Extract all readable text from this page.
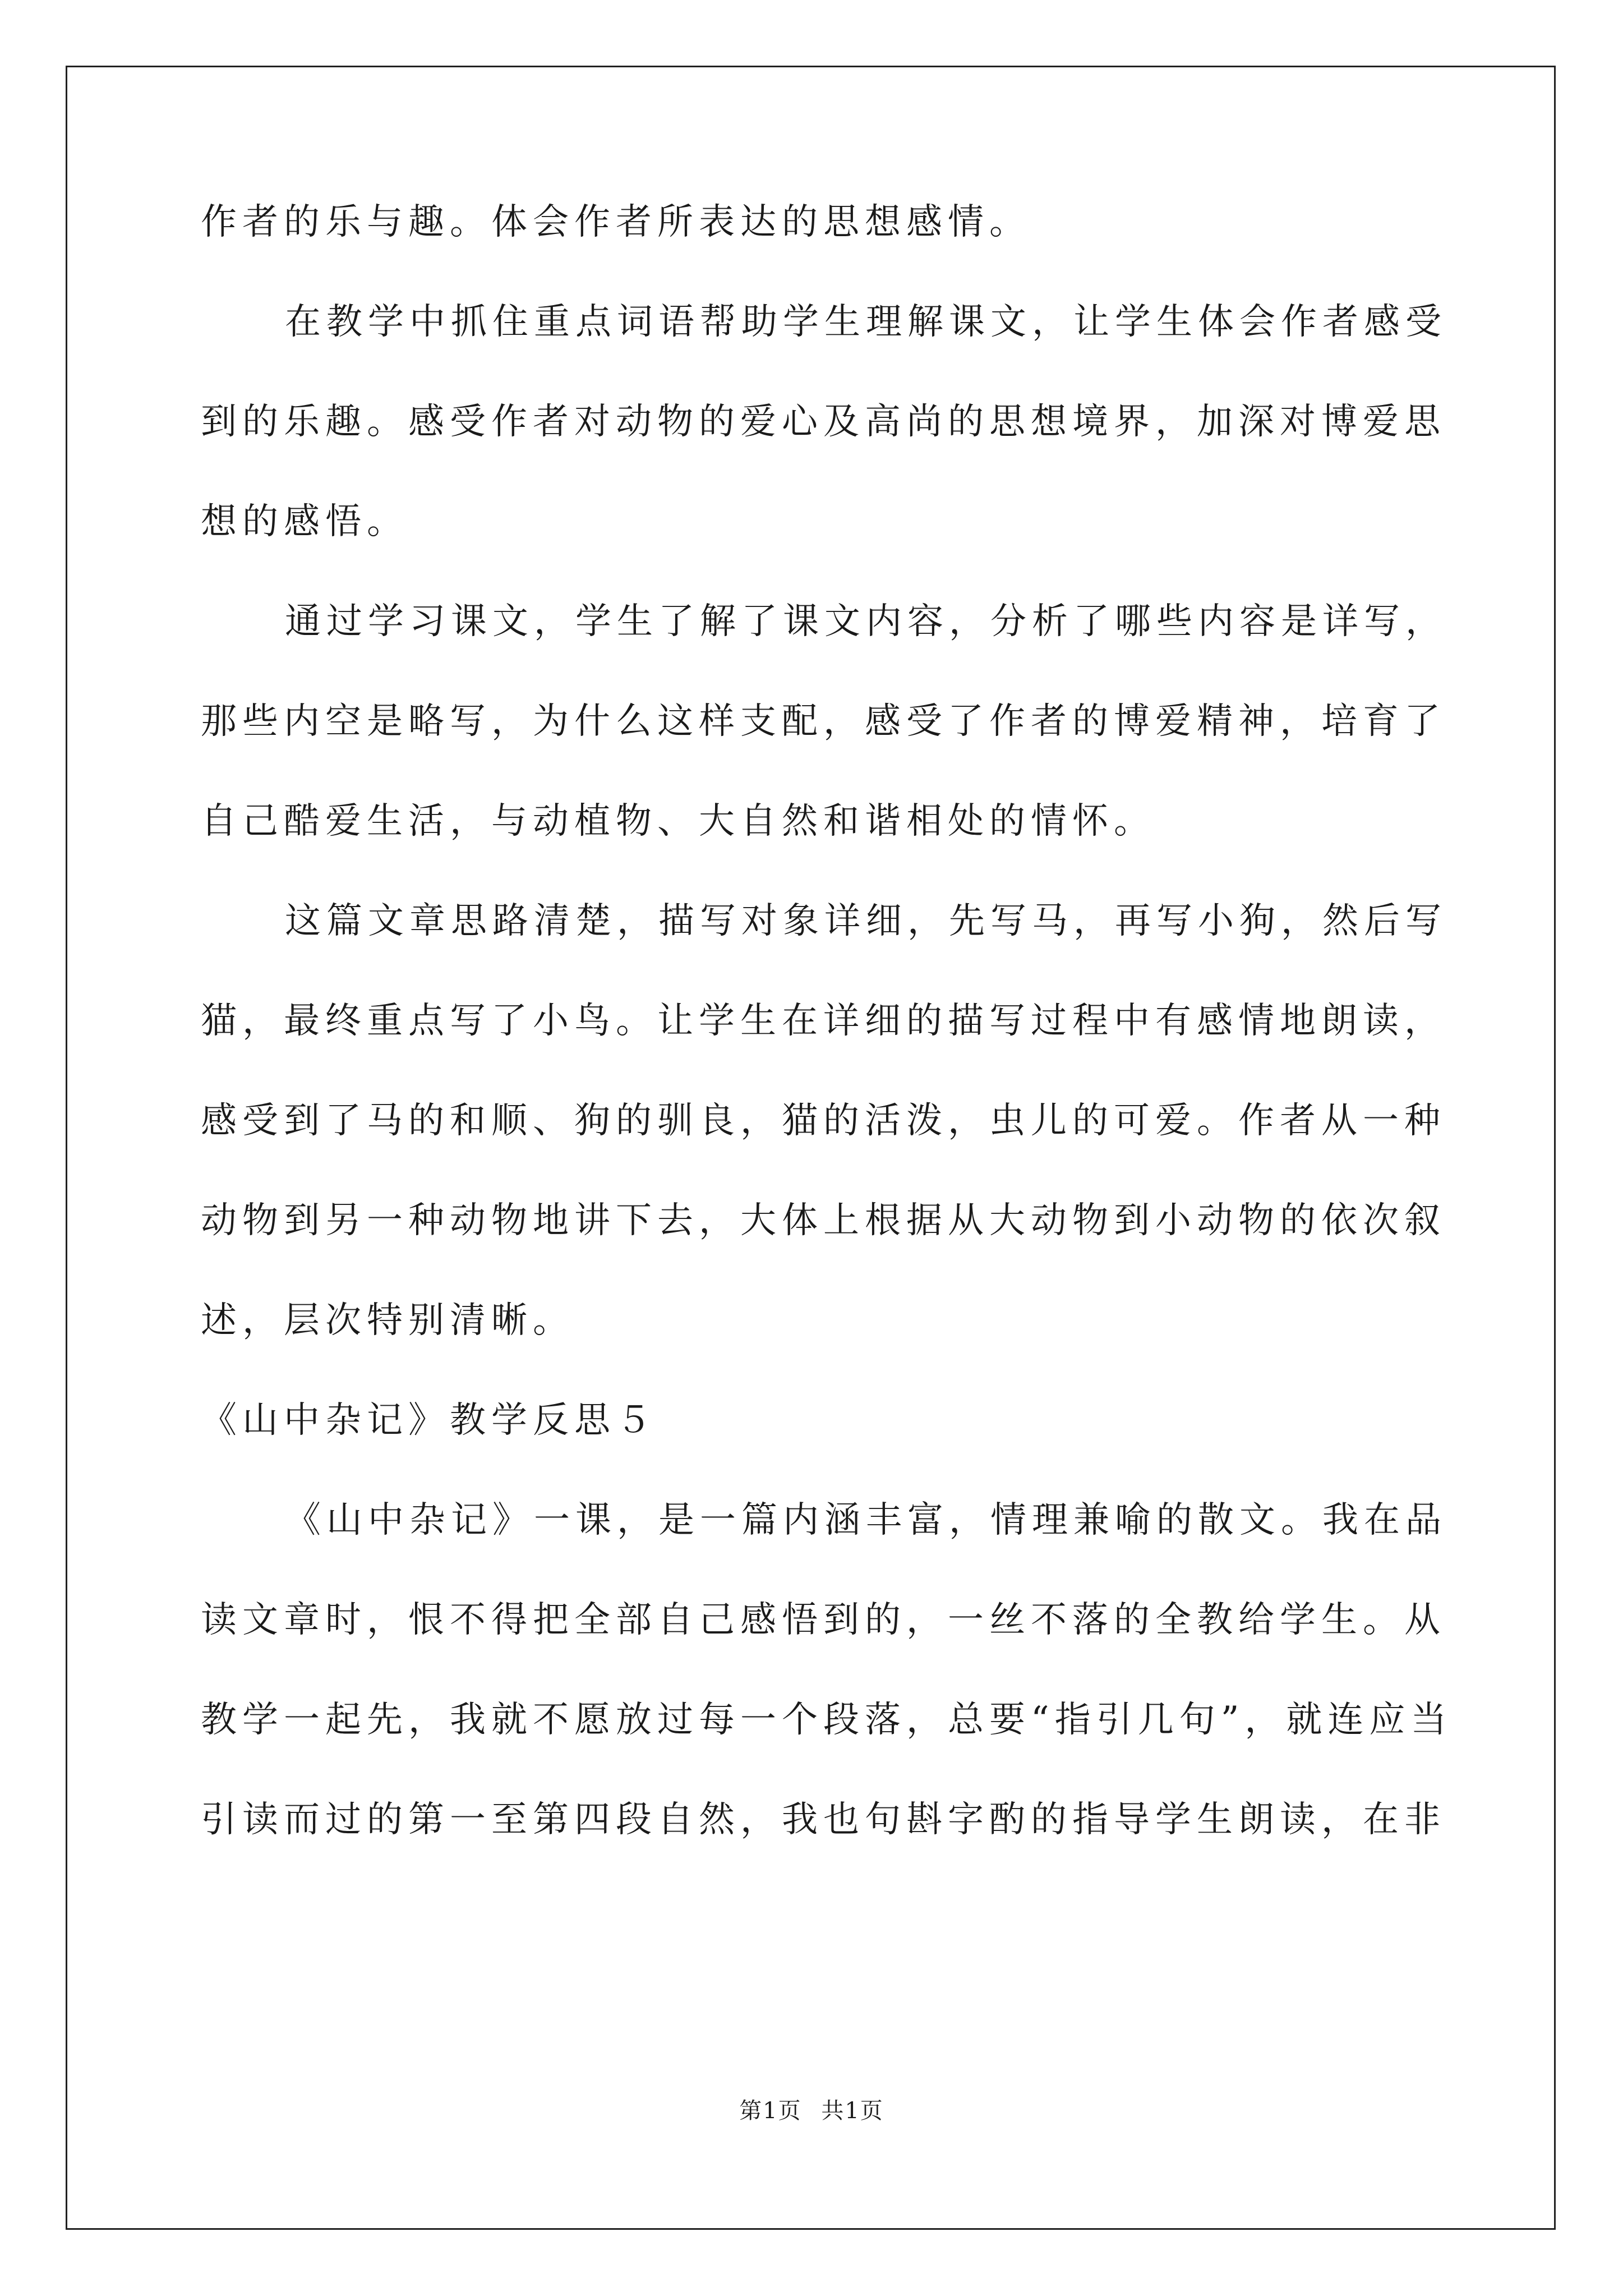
作者的乐与趣。体会作者所表达的思想感情。
在教学中抓住重点词语帮助学生理解课文，让学生体会作者感受
到的乐趣。感受作者对动物的爱心及高尚的思想境界，加深对博爱思
想的感悟。
通过学习课文，学生了解了课文内容，分析了哪些内容是详写，
那些内空是略写，为什么这样支配，感受了作者的博爱精神，培育了
自己酷爱生活，与动植物、大自然和谐相处的情怀。
这篇文章思路清楚，描写对象详细，先写马，再写小狗，然后写
猫，最终重点写了小鸟。让学生在详细的描写过程中有感情地朗读，
感受到了马的和顺、狗的驯良，猫的活泼，虫儿的可爱。作者从一种
动物到另一种动物地讲下去，大体上根据从大动物到小动物的依次叙
述，层次特别清晰。
《山中杂记》教学反思５
《山中杂记》一课，是一篇内涵丰富，情理兼喻的散文。我在品
读文章时，恨不得把全部自己感悟到的，一丝不落的全教给学生。从
教学一起先，我就不愿放过每一个段落，总要“指引几句”，就连应当
引读而过的第一至第四段自然，我也句斟字酌的指导学生朗读，在非
第1页 共1页
